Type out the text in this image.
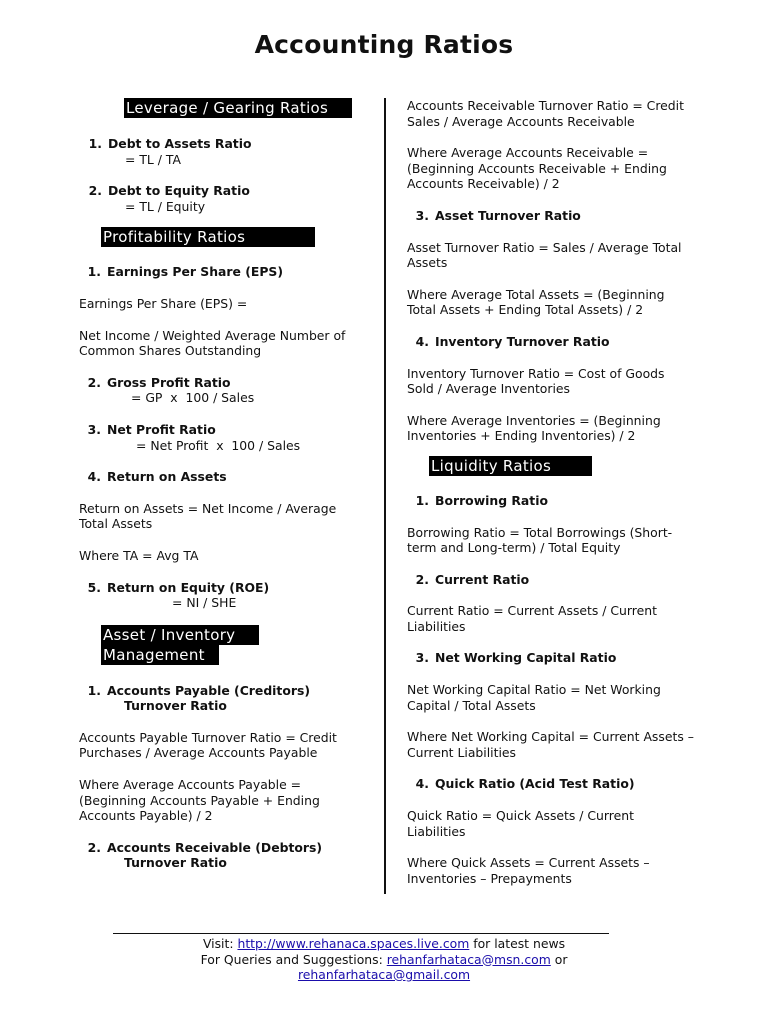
Accounting Ratios
Leverage / Gearing Ratios
1. Debt to Assets Ratio
= TL / TA
2. Debt to Equity Ratio
= TL / Equity
Profitability Ratios
1. Earnings Per Share (EPS)
Earnings Per Share (EPS) =
Net Income / Weighted Average Number of Common Shares Outstanding
2. Gross Profit Ratio
= GP  x  100 / Sales
3. Net Profit Ratio
= Net Profit  x  100 / Sales
4. Return on Assets
Return on Assets = Net Income / Average Total Assets
Where TA = Avg TA
5. Return on Equity (ROE)
= NI / SHE
Asset / Inventory
Management
1. Accounts Payable (Creditors)
Turnover Ratio
Accounts Payable Turnover Ratio = Credit Purchases / Average Accounts Payable
Where Average Accounts Payable = (Beginning Accounts Payable + Ending Accounts Payable) / 2
2. Accounts Receivable (Debtors)
Turnover Ratio
Accounts Receivable Turnover Ratio = Credit Sales / Average Accounts Receivable
Where Average Accounts Receivable = (Beginning Accounts Receivable + Ending Accounts Receivable) / 2
3. Asset Turnover Ratio
Asset Turnover Ratio = Sales / Average Total Assets
Where Average Total Assets = (Beginning Total Assets + Ending Total Assets) / 2
4. Inventory Turnover Ratio
Inventory Turnover Ratio = Cost of Goods Sold / Average Inventories
Where Average Inventories = (Beginning Inventories + Ending Inventories) / 2
Liquidity Ratios
1. Borrowing Ratio
Borrowing Ratio = Total Borrowings (Short-term and Long-term) / Total Equity
2. Current Ratio
Current Ratio = Current Assets / Current Liabilities
3. Net Working Capital Ratio
Net Working Capital Ratio = Net Working Capital / Total Assets
Where Net Working Capital = Current Assets – Current Liabilities
4. Quick Ratio (Acid Test Ratio)
Quick Ratio = Quick Assets / Current Liabilities
Where Quick Assets = Current Assets – Inventories – Prepayments
Visit: http://www.rehanaca.spaces.live.com for latest news
For Queries and Suggestions: rehanfarhataca@msn.com or
rehanfarhataca@gmail.com
